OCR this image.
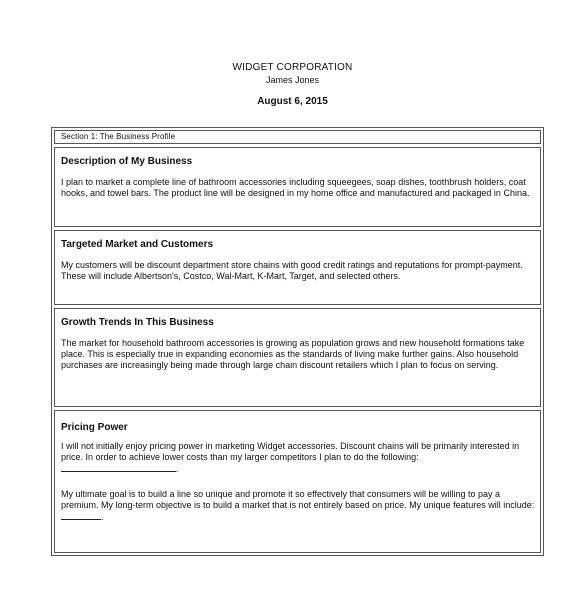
WIDGET CORPORATION
James Jones
August 6, 2015
Section 1: The Business Profile
Description of My Business
I plan to market a complete line of bathroom accessories including squeegees, soap dishes, toothbrush holders, coat hooks, and towel bars. The product line will be designed in my home office and manufactured and packaged in China.
Targeted Market and Customers
My customers will be discount department store chains with good credit ratings and reputations for prompt-payment. These will include Albertson's, Costco, Wal-Mart, K-Mart, Target, and selected others.
Growth Trends In This Business
The market for household bathroom accessories is growing as population grows and new household formations take place. This is especially true in expanding economies as the standards of living make further gains. Also household purchases are increasingly being made through large chain discount retailers which I plan to focus on serving.
Pricing Power

I will not initially enjoy pricing power in marketing Widget accessories. Discount chains will be primarily interested in price. In order to achieve lower costs than my larger competitors I plan to do the following:

.

My ultimate goal is to build a line so unique and promote it so effectively that consumers will be willing to pay a premium. My long-term objective is to build a market that is not entirely based on price. My unique features will include: .
